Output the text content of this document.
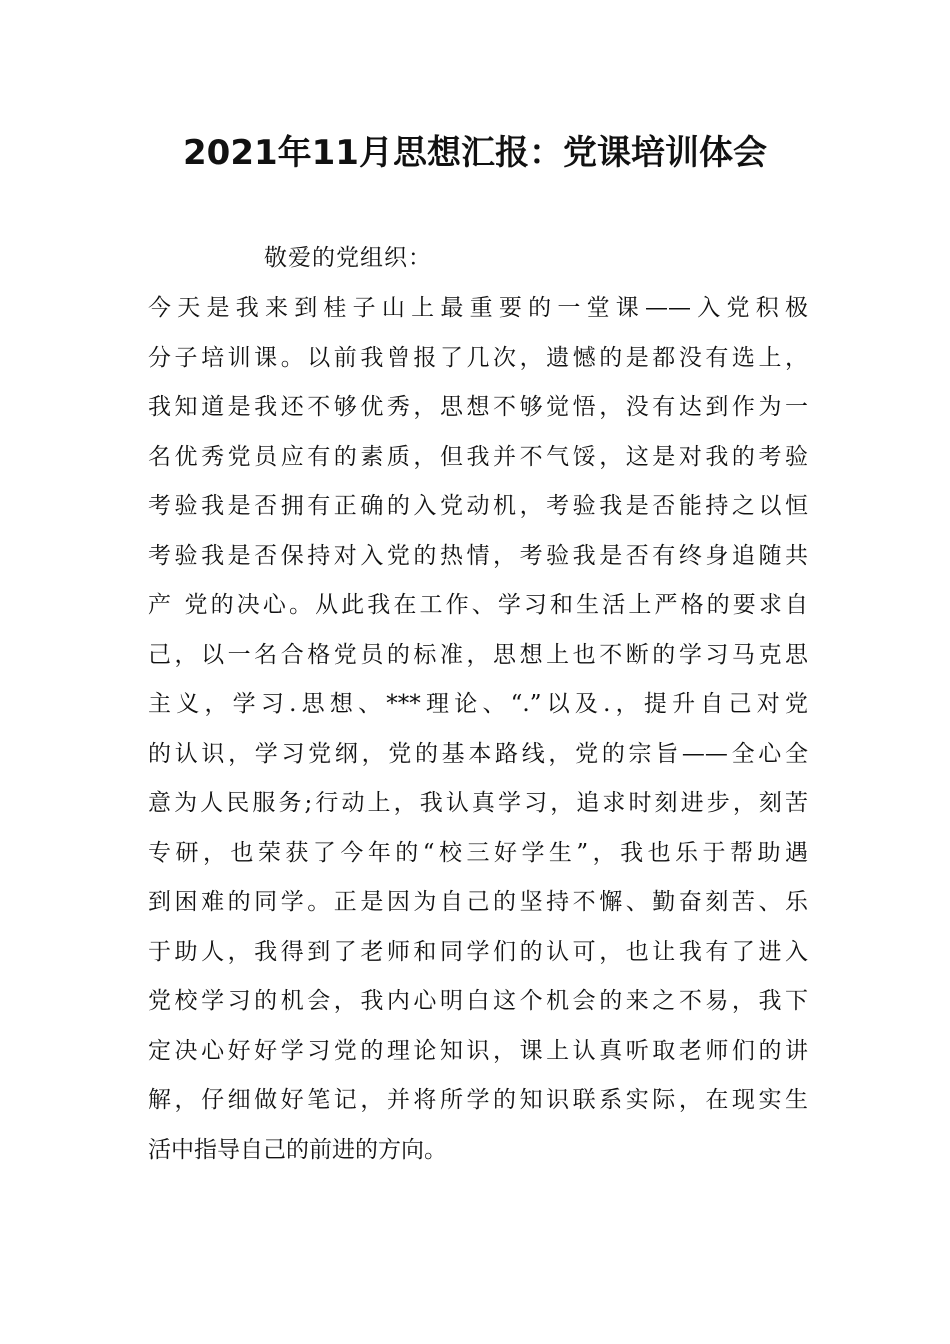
2021年11月思想汇报：党课培训体会

敬爱的党组织：

今天是我来到桂子山上最重要的一堂课——入党积极
分子培训课。以前我曾报了几次，遗憾的是都没有选上，
我知道是我还不够优秀，思想不够觉悟，没有达到作为一
名优秀党员应有的素质，但我并不气馁，这是对我的考验
考验我是否拥有正确的入党动机，考验我是否能持之以恒
考验我是否保持对入党的热情，考验我是否有终身追随共
产 党的决心。从此我在工作、学习和生活上严格的要求自
己，以一名合格党员的标准，思想上也不断的学习马克思
主义，学习.思想、***理论、“.”以及.，提升自己对党
的认识，学习党纲，党的基本路线，党的宗旨——全心全
意为人民服务;行动上，我认真学习，追求时刻进步，刻苦
专研，也荣获了今年的“校三好学生”，我也乐于帮助遇
到困难的同学。正是因为自己的坚持不懈、勤奋刻苦、乐
于助人，我得到了老师和同学们的认可，也让我有了进入
党校学习的机会，我内心明白这个机会的来之不易，我下
定决心好好学习党的理论知识，课上认真听取老师们的讲
解，仔细做好笔记，并将所学的知识联系实际，在现实生
活中指导自己的前进的方向。
